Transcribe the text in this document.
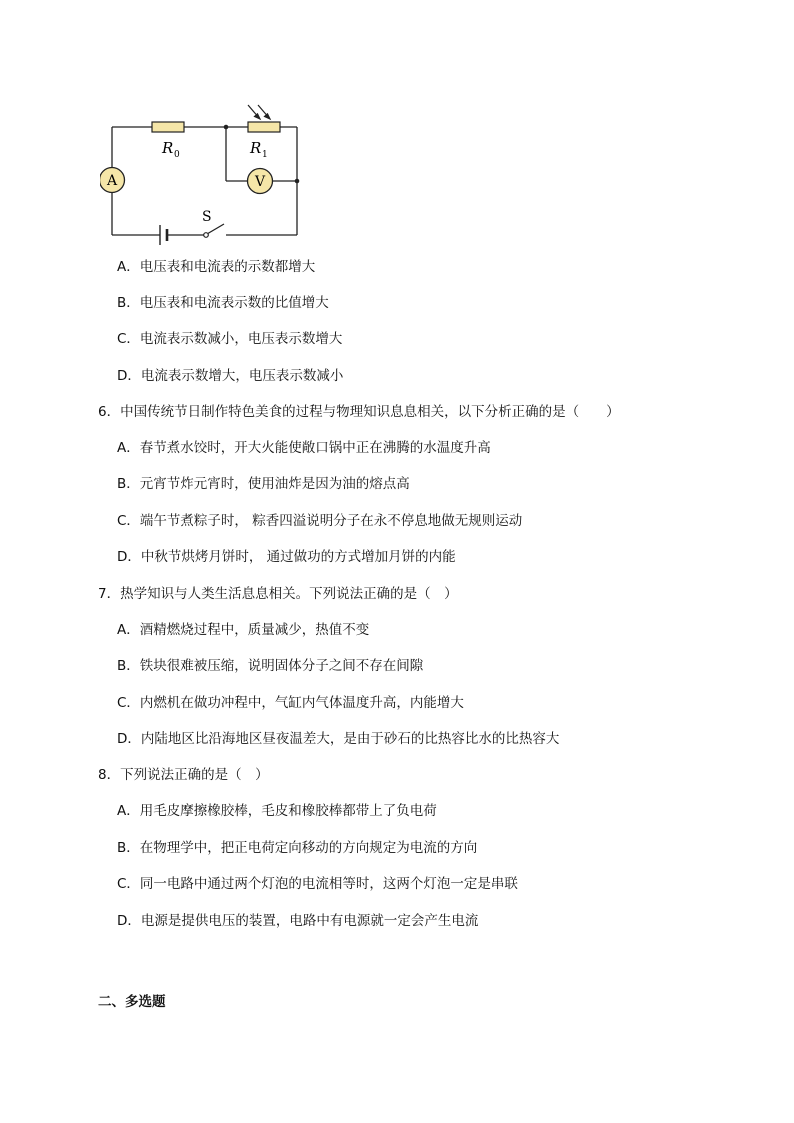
A	V
R 0	R 1
S
A．电压表和电流表的示数都增大
B．电压表和电流表示数的比值增大
C．电流表示数减小，电压表示数增大
D．电流表示数增大，电压表示数减小
6．中国传统节日制作特色美食的过程与物理知识息息相关，以下分析正确的是（　　）
A．春节煮水饺时，开大火能使敞口锅中正在沸腾的水温度升高
B．元宵节炸元宵时，使用油炸是因为油的熔点高
C．端午节煮粽子时， 粽香四溢说明分子在永不停息地做无规则运动
D．中秋节烘烤月饼时， 通过做功的方式增加月饼的内能
7．热学知识与人类生活息息相关。下列说法正确的是（　）
A．酒精燃烧过程中，质量减少，热值不变
B．铁块很难被压缩，说明固体分子之间不存在间隙
C．内燃机在做功冲程中，气缸内气体温度升高，内能增大
D．内陆地区比沿海地区昼夜温差大，是由于砂石的比热容比水的比热容大
8．下列说法正确的是（　）
A．用毛皮摩擦橡胶棒，毛皮和橡胶棒都带上了负电荷
B．在物理学中，把正电荷定向移动的方向规定为电流的方向
C．同一电路中通过两个灯泡的电流相等时，这两个灯泡一定是串联
D．电源是提供电压的装置，电路中有电源就一定会产生电流
二、多选题
